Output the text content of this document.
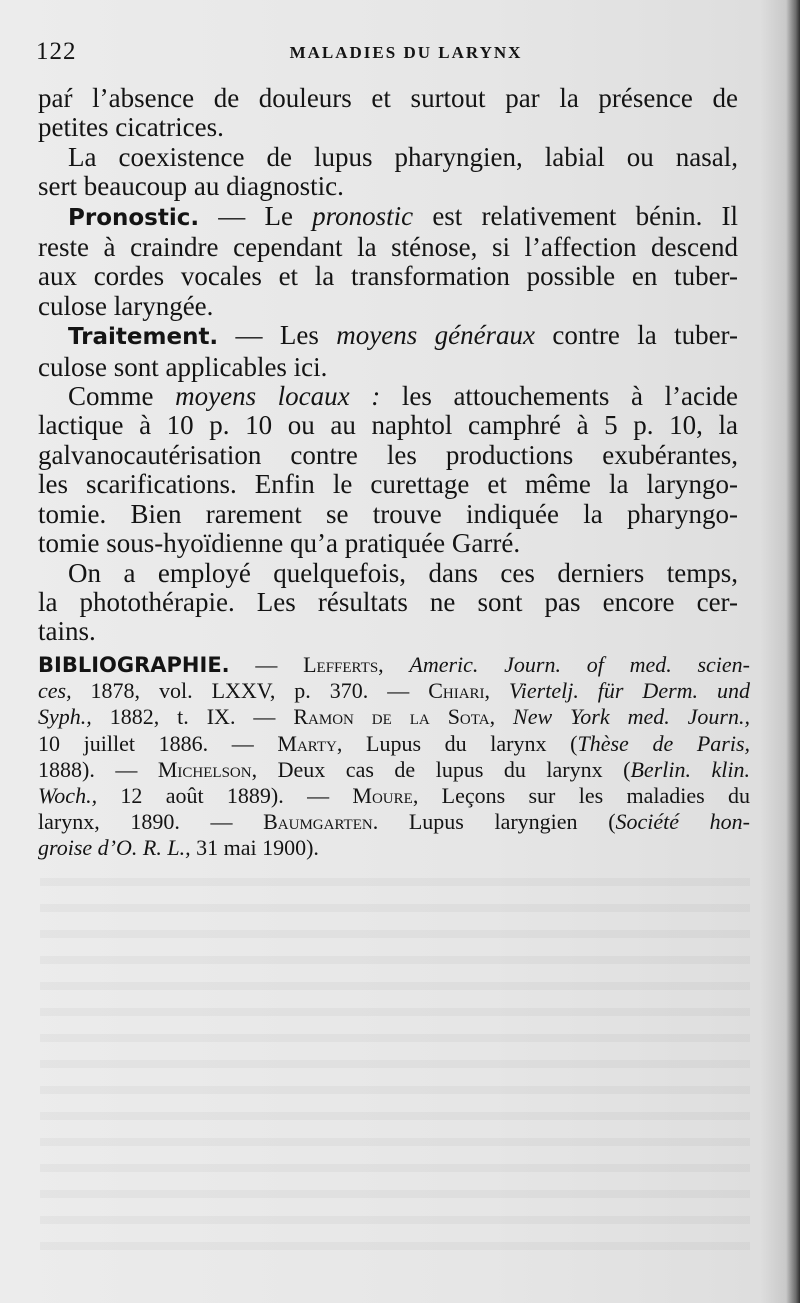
122	MALADIES DU LARYNX
paŕ l’absence de douleurs et surtout par la présence de
petites cicatrices.
La coexistence de lupus pharyngien, labial ou nasal,
sert beaucoup au diagnostic.
Pronostic. — Le pronostic est relativement bénin. Il
reste à craindre cependant la sténose, si l’affection descend
aux cordes vocales et la transformation possible en tuber-
culose laryngée.
Traitement. — Les moyens généraux contre la tuber-
culose sont applicables ici.
Comme moyens locaux : les attouchements à l’acide
lactique à 10 p. 10 ou au naphtol camphré à 5 p. 10, la
galvanocautérisation contre les productions exubérantes,
les scarifications. Enfin le curettage et même la laryngo-
tomie. Bien rarement se trouve indiquée la pharyngo-
tomie sous-hyoïdienne qu’a pratiquée Garré.
On a employé quelquefois, dans ces derniers temps,
la photothérapie. Les résultats ne sont pas encore cer-
tains.
BIBLIOGRAPHIE. — Lefferts, Americ. Journ. of med. scien-
ces, 1878, vol. LXXV, p. 370. — Chiari, Viertelj. für Derm. und
Syph., 1882, t. IX. — Ramon de la Sota, New York med. Journ.,
10 juillet 1886. — Marty, Lupus du larynx (Thèse de Paris,
1888). — Michelson, Deux cas de lupus du larynx (Berlin. klin.
Woch., 12 août 1889). — Moure, Leçons sur les maladies du
larynx, 1890. — Baumgarten. Lupus laryngien (Société hon-
groise d’O. R. L., 31 mai 1900).
